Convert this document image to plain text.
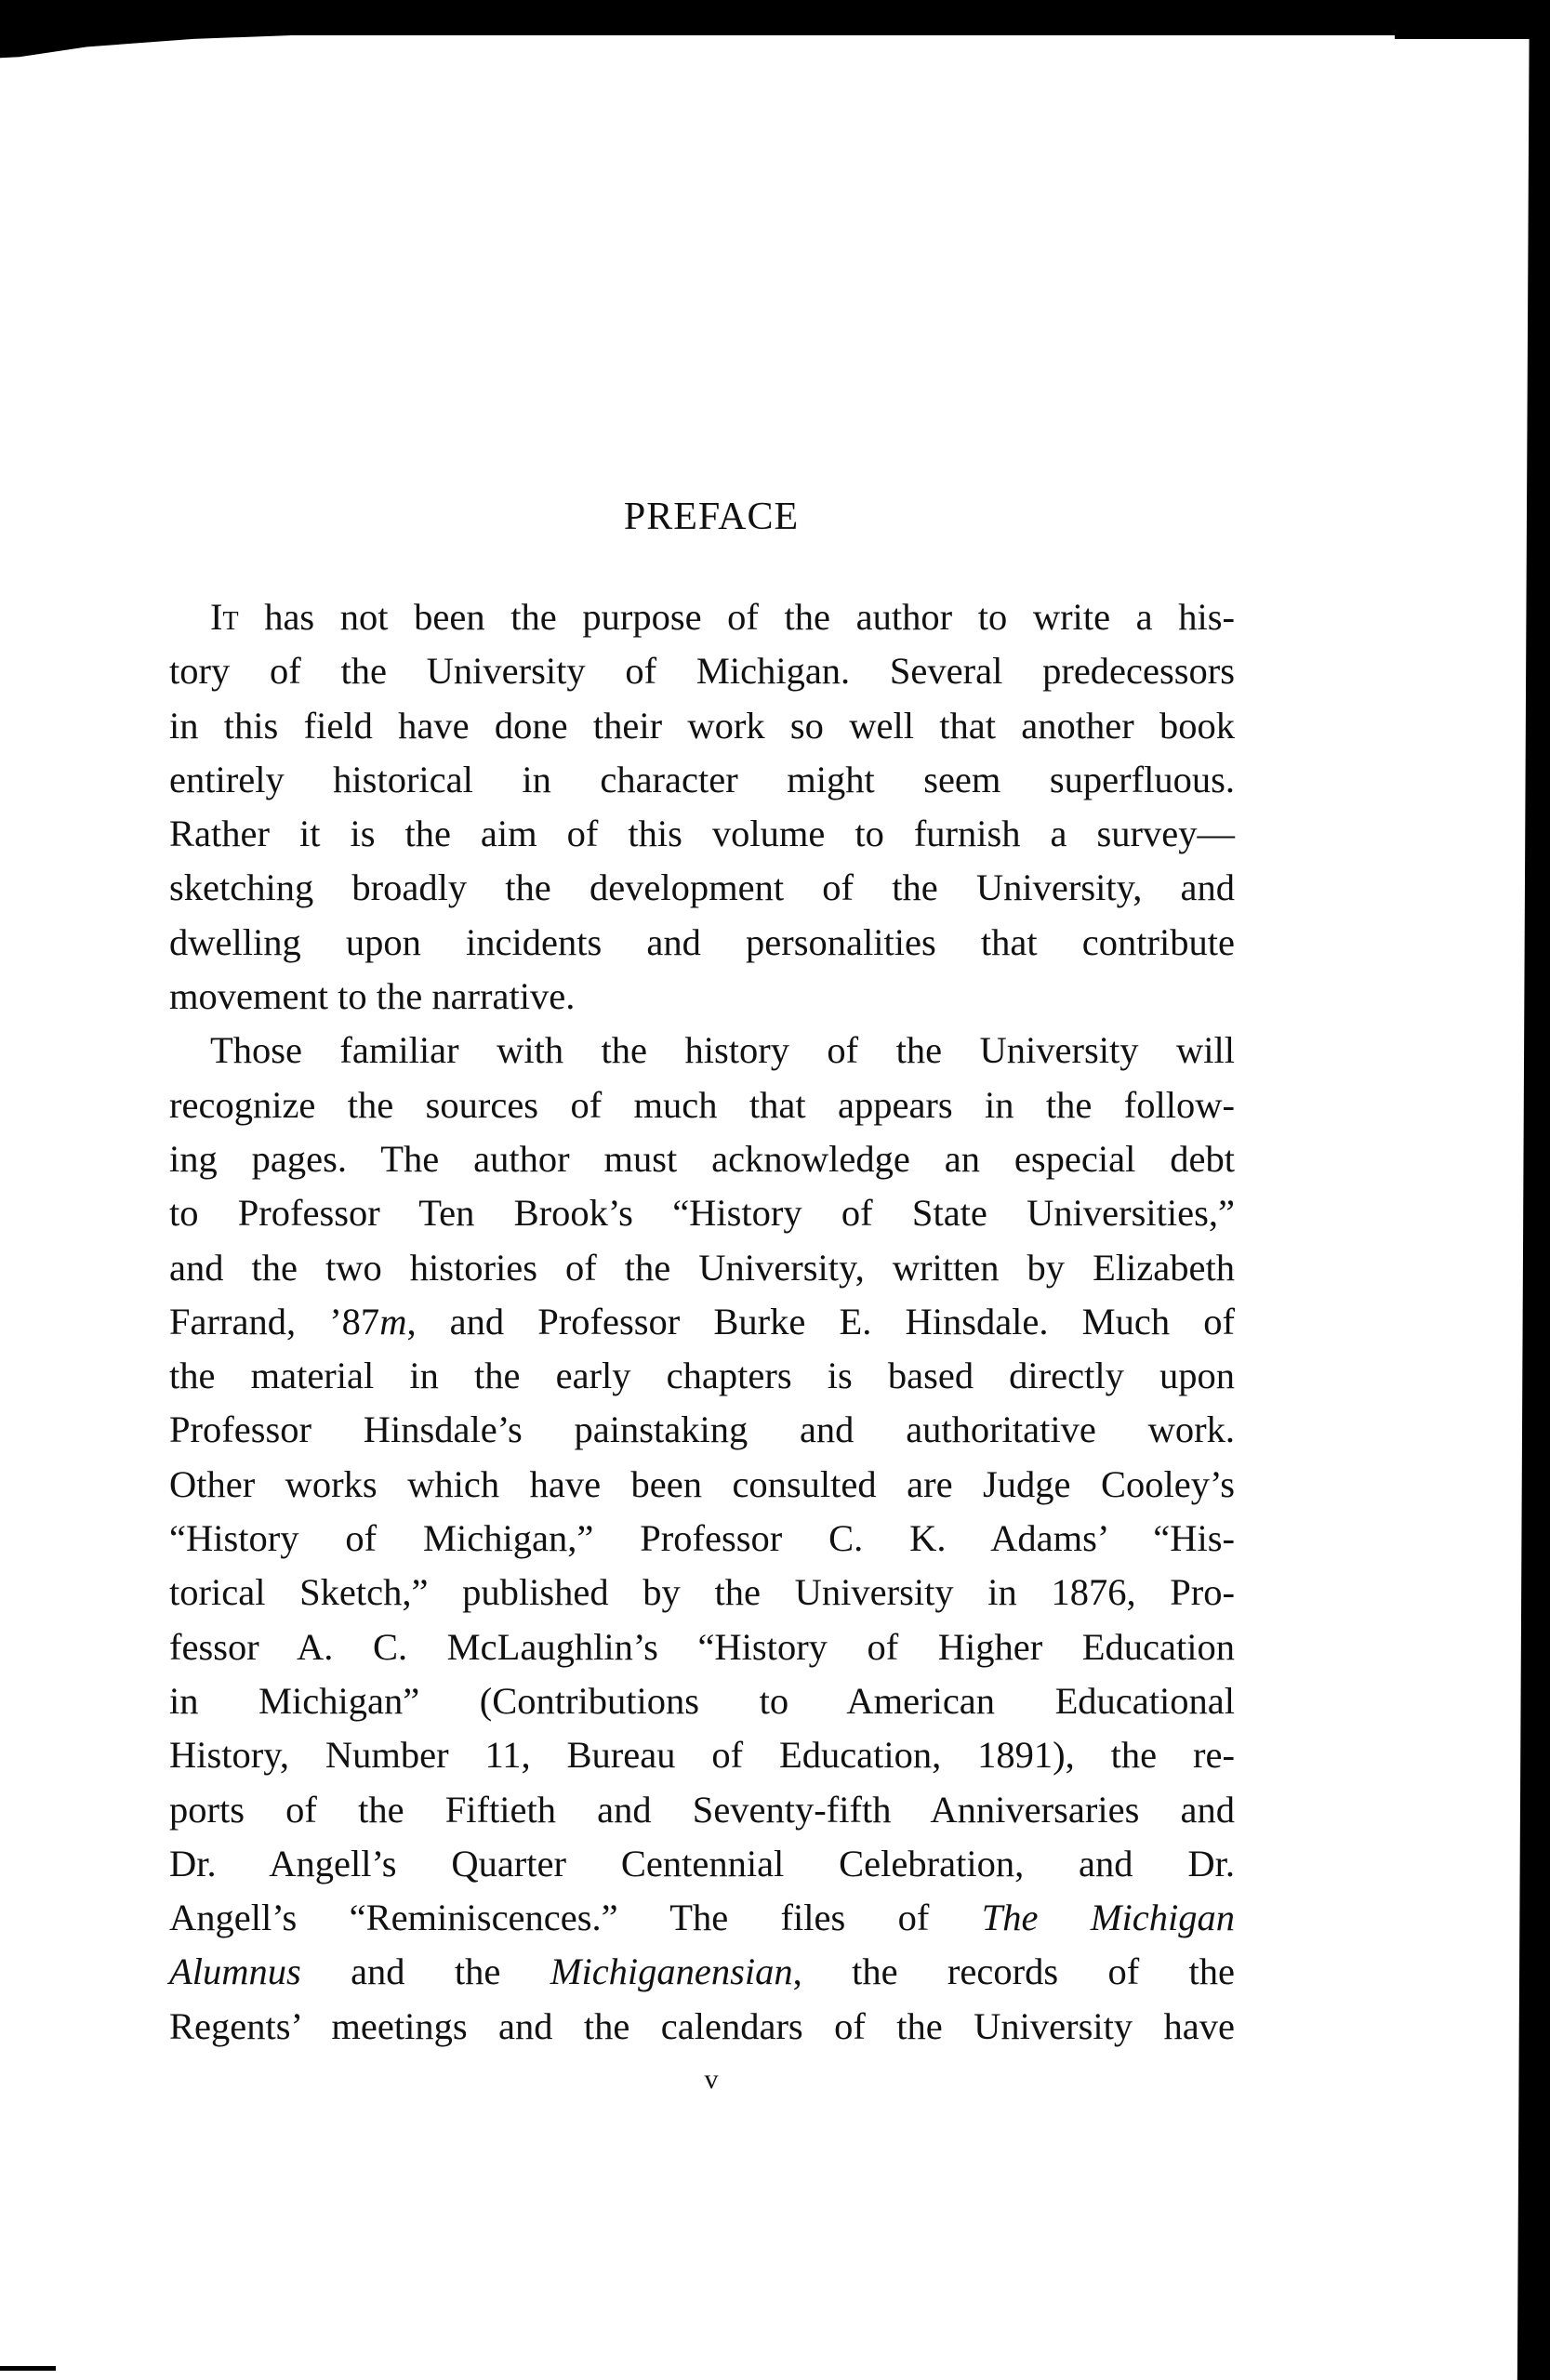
PREFACE
It has not been the purpose of the author to write a his-
tory of the University of Michigan. Several predecessors
in this field have done their work so well that another book
entirely historical in character might seem superfluous.
Rather it is the aim of this volume to furnish a survey—
sketching broadly the development of the University, and
dwelling upon incidents and personalities that contribute
movement to the narrative.
Those familiar with the history of the University will
recognize the sources of much that appears in the follow-
ing pages. The author must acknowledge an especial debt
to Professor Ten Brook’s “History of State Universities,”
and the two histories of the University, written by Elizabeth
Farrand, ’87m, and Professor Burke E. Hinsdale. Much of
the material in the early chapters is based directly upon
Professor Hinsdale’s painstaking and authoritative work.
Other works which have been consulted are Judge Cooley’s
“History of Michigan,” Professor C. K. Adams’ “His-
torical Sketch,” published by the University in 1876, Pro-
fessor A. C. McLaughlin’s “History of Higher Education
in Michigan” (Contributions to American Educational
History, Number 11, Bureau of Education, 1891), the re-
ports of the Fiftieth and Seventy-fifth Anniversaries and
Dr. Angell’s Quarter Centennial Celebration, and Dr.
Angell’s “Reminiscences.” The files of The Michigan
Alumnus and the Michiganensian, the records of the
Regents’ meetings and the calendars of the University have
v
